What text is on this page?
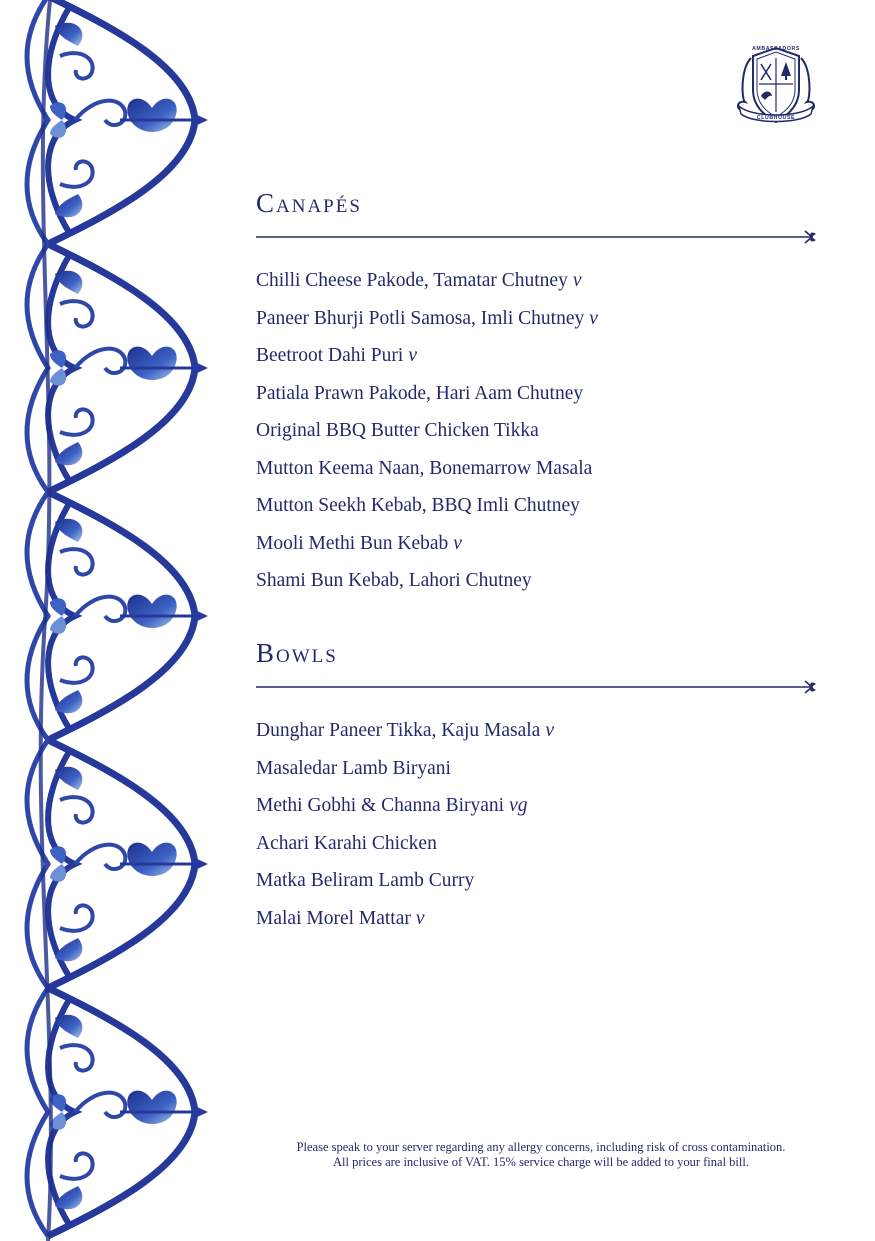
AMBASSADORS
CLUBHOUSE
Canapés
Chilli Cheese Pakode, Tamatar Chutney v
Paneer Bhurji Potli Samosa, Imli Chutney v
Beetroot Dahi Puri v
Patiala Prawn Pakode, Hari Aam Chutney
Original BBQ Butter Chicken Tikka
Mutton Keema Naan, Bonemarrow Masala
Mutton Seekh Kebab, BBQ Imli Chutney
Mooli Methi Bun Kebab v
Shami Bun Kebab, Lahori Chutney
Bowls
Dunghar Paneer Tikka, Kaju Masala v
Masaledar Lamb Biryani
Methi Gobhi & Channa Biryani vg
Achari Karahi Chicken
Matka Beliram Lamb Curry
Malai Morel Mattar v
Please speak to your server regarding any allergy concerns, including risk of cross contamination.
All prices are inclusive of VAT. 15% service charge will be added to your final bill.
